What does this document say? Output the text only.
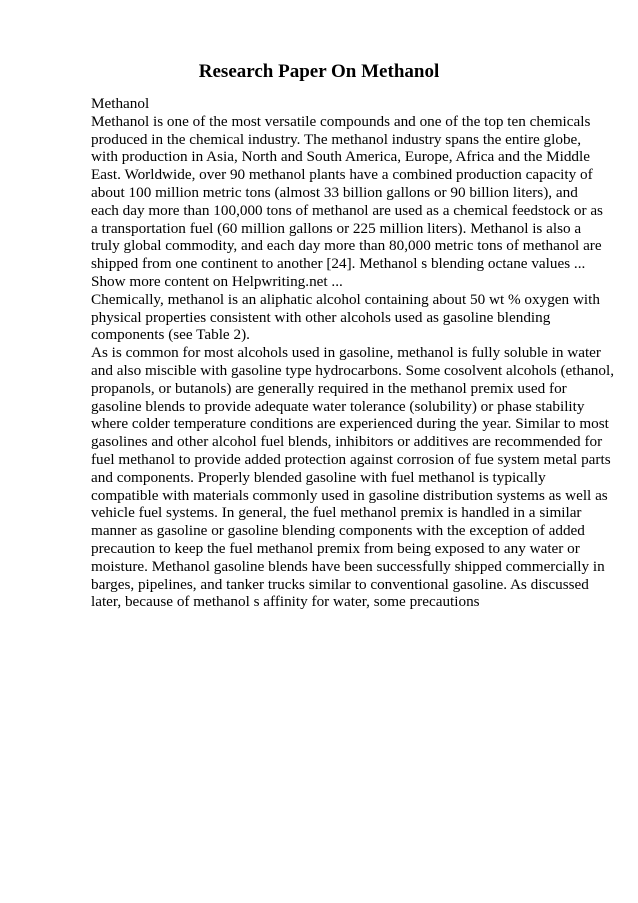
Research Paper On Methanol
Methanol
Methanol is one of the most versatile compounds and one of the top ten chemicals
produced in the chemical industry. The methanol industry spans the entire globe,
with production in Asia, North and South America, Europe, Africa and the Middle
East. Worldwide, over 90 methanol plants have a combined production capacity of
about 100 million metric tons (almost 33 billion gallons or 90 billion liters), and
each day more than 100,000 tons of methanol are used as a chemical feedstock or as
a transportation fuel (60 million gallons or 225 million liters). Methanol is also a
truly global commodity, and each day more than 80,000 metric tons of methanol are
shipped from one continent to another [24]. Methanol s blending octane values ...
Show more content on Helpwriting.net ...
Chemically, methanol is an aliphatic alcohol containing about 50 wt % oxygen with
physical properties consistent with other alcohols used as gasoline blending
components (see Table 2).
As is common for most alcohols used in gasoline, methanol is fully soluble in water
and also miscible with gasoline type hydrocarbons. Some cosolvent alcohols (ethanol,
propanols, or butanols) are generally required in the methanol premix used for
gasoline blends to provide adequate water tolerance (solubility) or phase stability
where colder temperature conditions are experienced during the year. Similar to most
gasolines and other alcohol fuel blends, inhibitors or additives are recommended for
fuel methanol to provide added protection against corrosion of fue system metal parts
and components. Properly blended gasoline with fuel methanol is typically
compatible with materials commonly used in gasoline distribution systems as well as
vehicle fuel systems. In general, the fuel methanol premix is handled in a similar
manner as gasoline or gasoline blending components with the exception of added
precaution to keep the fuel methanol premix from being exposed to any water or
moisture. Methanol gasoline blends have been successfully shipped commercially in
barges, pipelines, and tanker trucks similar to conventional gasoline. As discussed
later, because of methanol s affinity for water, some precautions
